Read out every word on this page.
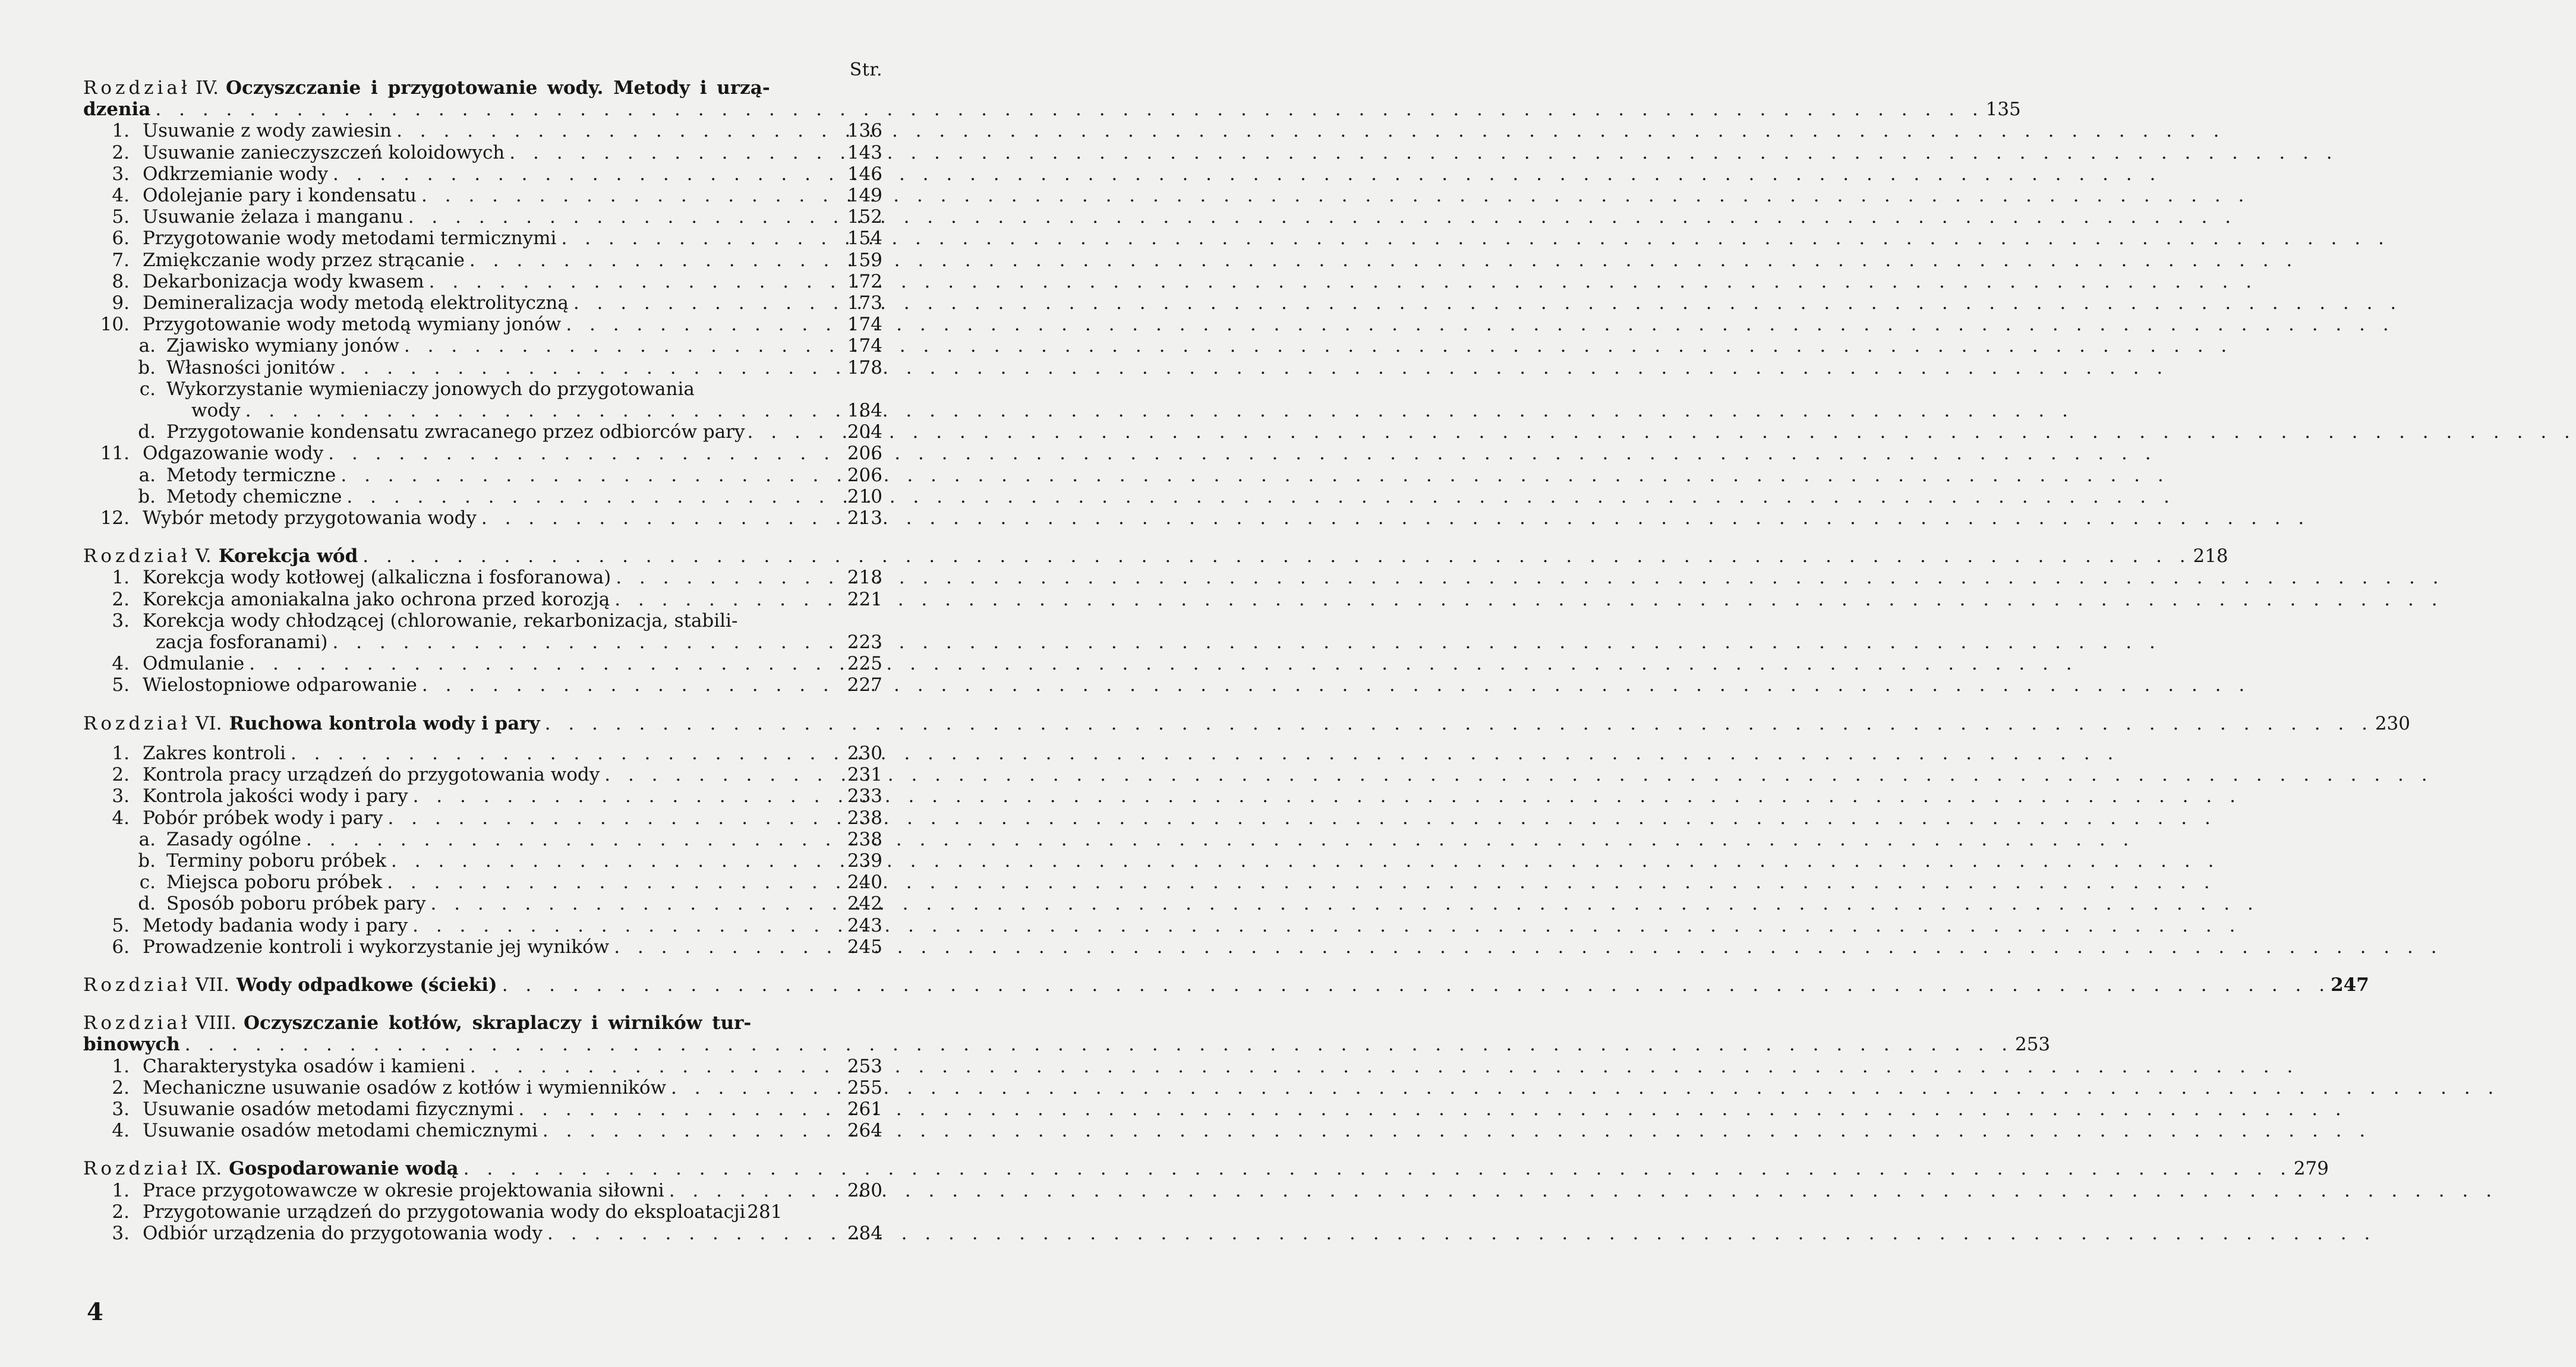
Str.
Rozdział IV. Oczyszczanie i przygotowanie wody. Metody i urzą-
dzenia . . .	135
1. Usuwanie z wody zawiesin . . .	136
2. Usuwanie zanieczyszczeń koloidowych . . .	143
3. Odkrzemianie wody . . .	146
4. Odolejanie pary i kondensatu . . .	149
5. Usuwanie żelaza i manganu . . .	152
6. Przygotowanie wody metodami termicznymi . . .	154
7. Zmiękczanie wody przez strącanie . . .	159
8. Dekarbonizacja wody kwasem . . .	172
9. Demineralizacja wody metodą elektrolityczną . . .	173
10. Przygotowanie wody metodą wymiany jonów . . .	174
a. Zjawisko wymiany jonów . . .	174
b. Własności jonitów . . .	178
c. Wykorzystanie wymieniaczy jonowych do przygotowania
wody . . .	184
d. Przygotowanie kondensatu zwracanego przez odbiorców pary . . .	204
11. Odgazowanie wody . . .	206
a. Metody termiczne . . .	206
b. Metody chemiczne . . .	210
12. Wybór metody przygotowania wody . . .	213
Rozdział V. Korekcja wód . . .	218
1. Korekcja wody kotłowej (alkaliczna i fosforanowa) . . .	218
2. Korekcja amoniakalna jako ochrona przed korozją . . .	221
3. Korekcja wody chłodzącej (chlorowanie, rekarbonizacja, stabili-
zacja fosforanami) . . .	223
4. Odmulanie . . .	225
5. Wielostopniowe odparowanie . . .	227
Rozdział VI. Ruchowa kontrola wody i pary . . .	230
1. Zakres kontroli . . .	230
2. Kontrola pracy urządzeń do przygotowania wody . . .	231
3. Kontrola jakości wody i pary . . .	233
4. Pobór próbek wody i pary . . .	238
a. Zasady ogólne . . .	238
b. Terminy poboru próbek . . .	239
c. Miejsca poboru próbek . . .	240
d. Sposób poboru próbek pary . . .	242
5. Metody badania wody i pary . . .	243
6. Prowadzenie kontroli i wykorzystanie jej wyników . . .	245
Rozdział VII. Wody odpadkowe (ścieki) . . .	247
Rozdział VIII. Oczyszczanie kotłów, skraplaczy i wirników tur-
binowych . . .	253
1. Charakterystyka osadów i kamieni . . .	253
2. Mechaniczne usuwanie osadów z kotłów i wymienników . . .	255
3. Usuwanie osadów metodami fizycznymi . . .	261
4. Usuwanie osadów metodami chemicznymi . . .	264
Rozdział IX. Gospodarowanie wodą . . .	279
1. Prace przygotowawcze w okresie projektowania siłowni . . .	280
2. Przygotowanie urządzeń do przygotowania wody do eksploatacji 281
3. Odbiór urządzenia do przygotowania wody . . .	284
4
